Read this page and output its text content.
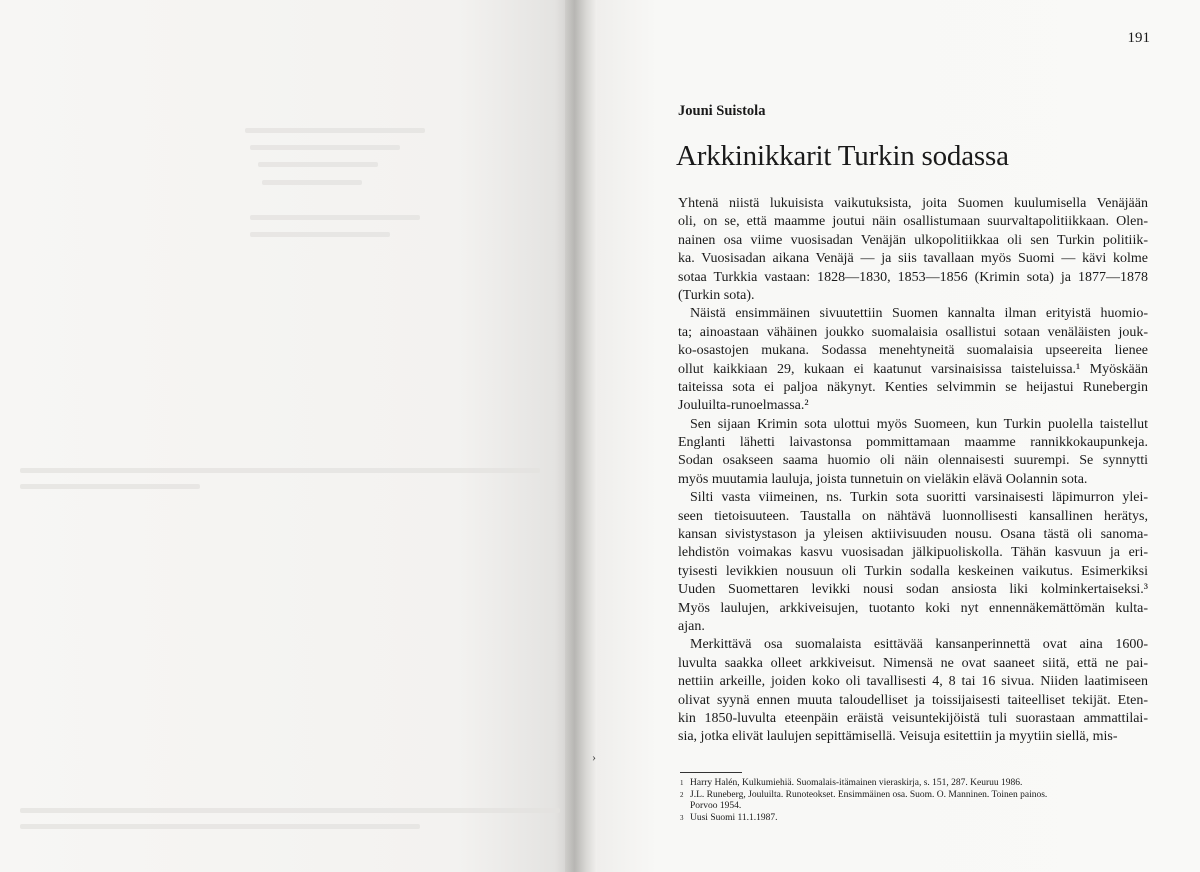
191
Jouni Suistola
Arkkinikkarit Turkin sodassa
Yhtenä niistä lukuisista vaikutuksista, joita Suomen kuulumisella Venäjään
oli, on se, että maamme joutui näin osallistumaan suurvaltapolitiikkaan. Olen-
nainen osa viime vuosisadan Venäjän ulkopolitiikkaa oli sen Turkin politiik-
ka. Vuosisadan aikana Venäjä — ja siis tavallaan myös Suomi — kävi kolme
sotaa Turkkia vastaan: 1828—1830, 1853—1856 (Krimin sota) ja 1877—1878
(Turkin sota).
Näistä ensimmäinen sivuutettiin Suomen kannalta ilman erityistä huomio-
ta; ainoastaan vähäinen joukko suomalaisia osallistui sotaan venäläisten jouk-
ko-osastojen mukana. Sodassa menehtyneitä suomalaisia upseereita lienee
ollut kaikkiaan 29, kukaan ei kaatunut varsinaisissa taisteluissa.¹ Myöskään
taiteissa sota ei paljoa näkynyt. Kenties selvimmin se heijastui Runebergin
Jouluilta-runoelmassa.²
Sen sijaan Krimin sota ulottui myös Suomeen, kun Turkin puolella taistellut
Englanti lähetti laivastonsa pommittamaan maamme rannikkokaupunkeja.
Sodan osakseen saama huomio oli näin olennaisesti suurempi. Se synnytti
myös muutamia lauluja, joista tunnetuin on vieläkin elävä Oolannin sota.
Silti vasta viimeinen, ns. Turkin sota suoritti varsinaisesti läpimurron ylei-
seen tietoisuuteen. Taustalla on nähtävä luonnollisesti kansallinen herätys,
kansan sivistystason ja yleisen aktiivisuuden nousu. Osana tästä oli sanoma-
lehdistön voimakas kasvu vuosisadan jälkipuoliskolla. Tähän kasvuun ja eri-
tyisesti levikkien nousuun oli Turkin sodalla keskeinen vaikutus. Esimerkiksi
Uuden Suomettaren levikki nousi sodan ansiosta liki kolminkertaiseksi.³
Myös laulujen, arkkiveisujen, tuotanto koki nyt ennennäkemättömän kulta-
ajan.
Merkittävä osa suomalaista esittävää kansanperinnettä ovat aina 1600-
luvulta saakka olleet arkkiveisut. Nimensä ne ovat saaneet siitä, että ne pai-
nettiin arkeille, joiden koko oli tavallisesti 4, 8 tai 16 sivua. Niiden laatimiseen
olivat syynä ennen muuta taloudelliset ja toissijaisesti taiteelliset tekijät. Eten-
kin 1850-luvulta eteenpäin eräistä veisuntekijöistä tuli suorastaan ammattilai-
sia, jotka elivät laulujen sepittämisellä. Veisuja esitettiin ja myytiin siellä, mis-
1 Harry Halén, Kulkumiehiä. Suomalais-itämainen vieraskirja, s. 151, 287. Keuruu 1986.
2 J.L. Runeberg, Jouluilta. Runoteokset. Ensimmäinen osa. Suom. O. Manninen. Toinen painos.
Porvoo 1954.
3 Uusi Suomi 11.1.1987.
›
